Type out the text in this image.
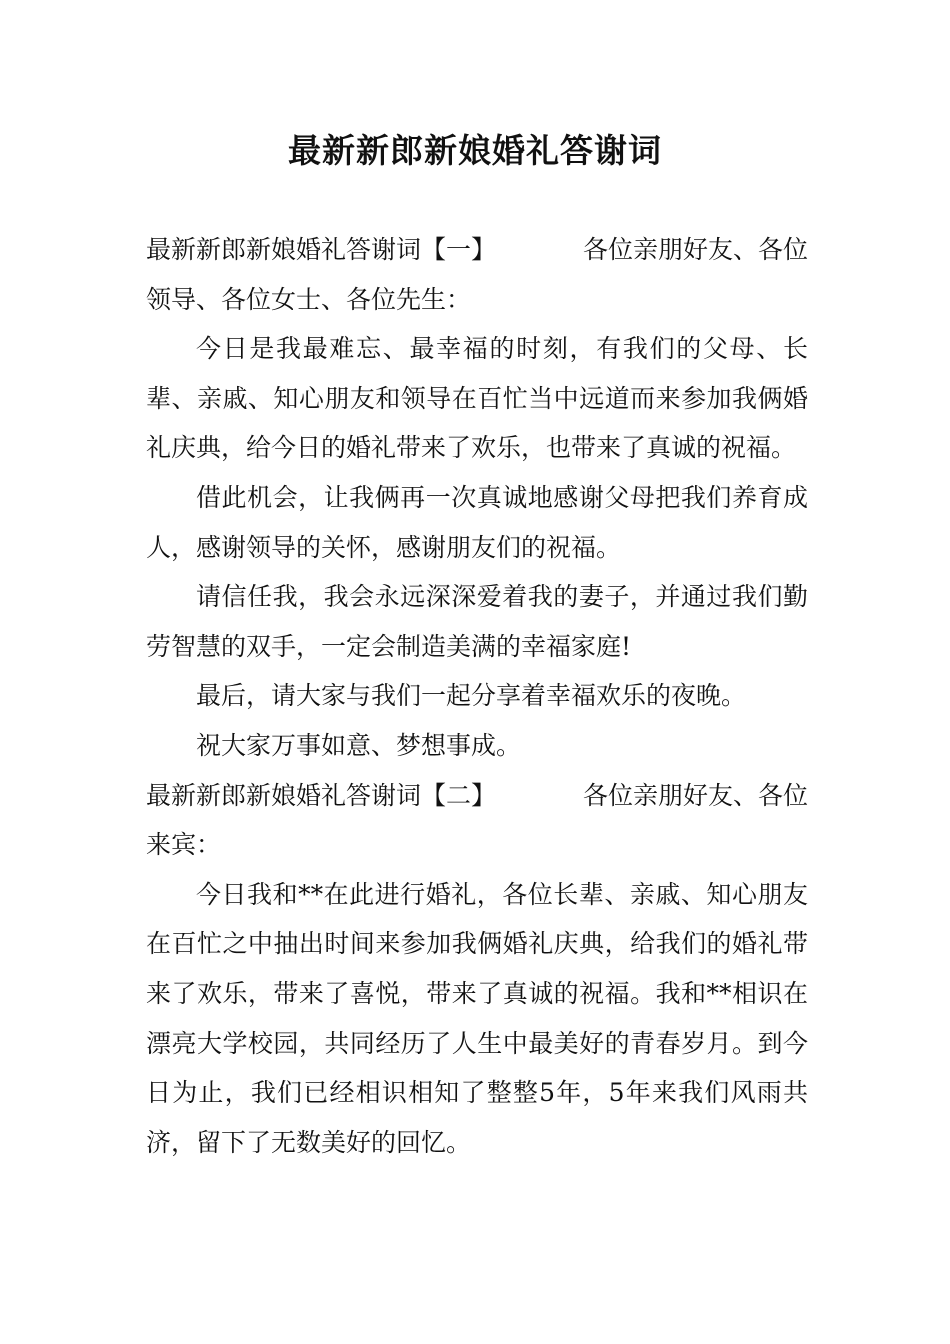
最新新郎新娘婚礼答谢词
最新新郎新娘婚礼答谢词【一】	各位亲朋好友、各位

领导、各位女士、各位先生：

今日是我最难忘、最幸福的时刻，有我们的父母、长辈、亲戚、知心朋友和领导在百忙当中远道而来参加我俩婚礼庆典，给今日的婚礼带来了欢乐，也带来了真诚的祝福。

借此机会，让我俩再一次真诚地感谢父母把我们养育成人，感谢领导的关怀，感谢朋友们的祝福。

请信任我，我会永远深深爱着我的妻子，并通过我们勤劳智慧的双手，一定会制造美满的幸福家庭!

最后，请大家与我们一起分享着幸福欢乐的夜晚。

祝大家万事如意、梦想事成。

最新新郎新娘婚礼答谢词【二】	各位亲朋好友、各位

来宾：

今日我和**在此进行婚礼，各位长辈、亲戚、知心朋友在百忙之中抽出时间来参加我俩婚礼庆典，给我们的婚礼带来了欢乐，带来了喜悦，带来了真诚的祝福。我和**相识在漂亮大学校园，共同经历了人生中最美好的青春岁月。到今日为止，我们已经相识相知了整整5年，5年来我们风雨共济，留下了无数美好的回忆。
